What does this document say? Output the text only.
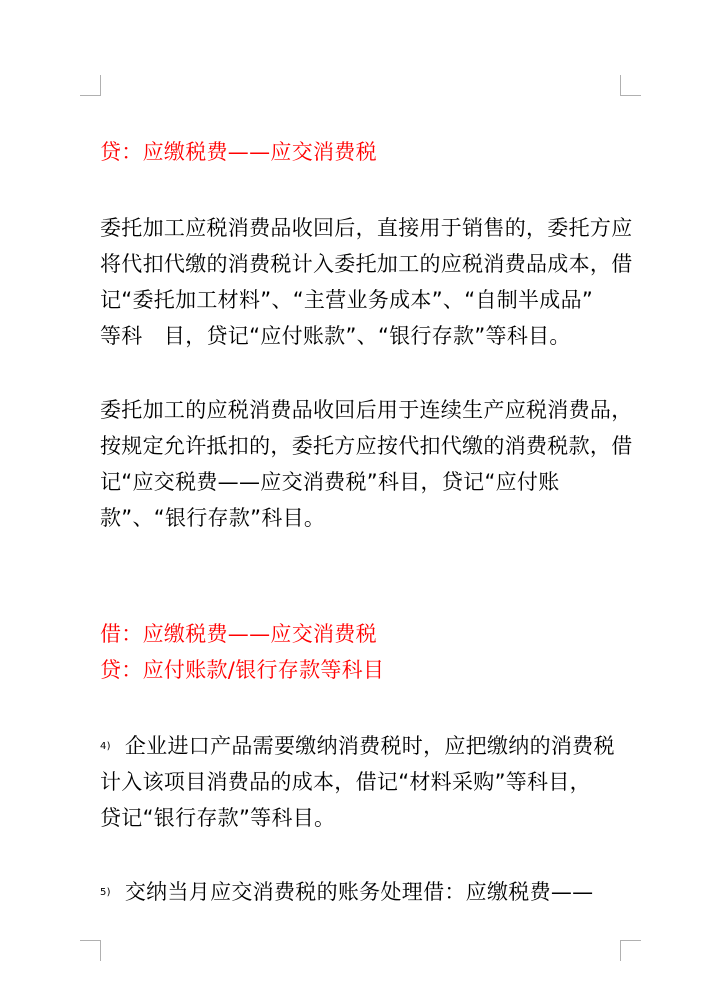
贷：应缴税费——应交消费税
委托加工应税消费品收回后，直接用于销售的，委托方应
将代扣代缴的消费税计入委托加工的应税消费品成本，借
记“委托加工材料”、“主营业务成本”、“自制半成品”
等科　目，贷记“应付账款”、“银行存款”等科目。
委托加工的应税消费品收回后用于连续生产应税消费品，
按规定允许抵扣的，委托方应按代扣代缴的消费税款，借
记“应交税费——应交消费税”科目，贷记“应付账
款”、“银行存款”科目。
借：应缴税费——应交消费税
贷：应付账款/银行存款等科目
4) 企业进口产品需要缴纳消费税时，应把缴纳的消费税
计入该项目消费品的成本，借记“材料采购”等科目，
贷记“银行存款”等科目。
5) 交纳当月应交消费税的账务处理借：应缴税费——
